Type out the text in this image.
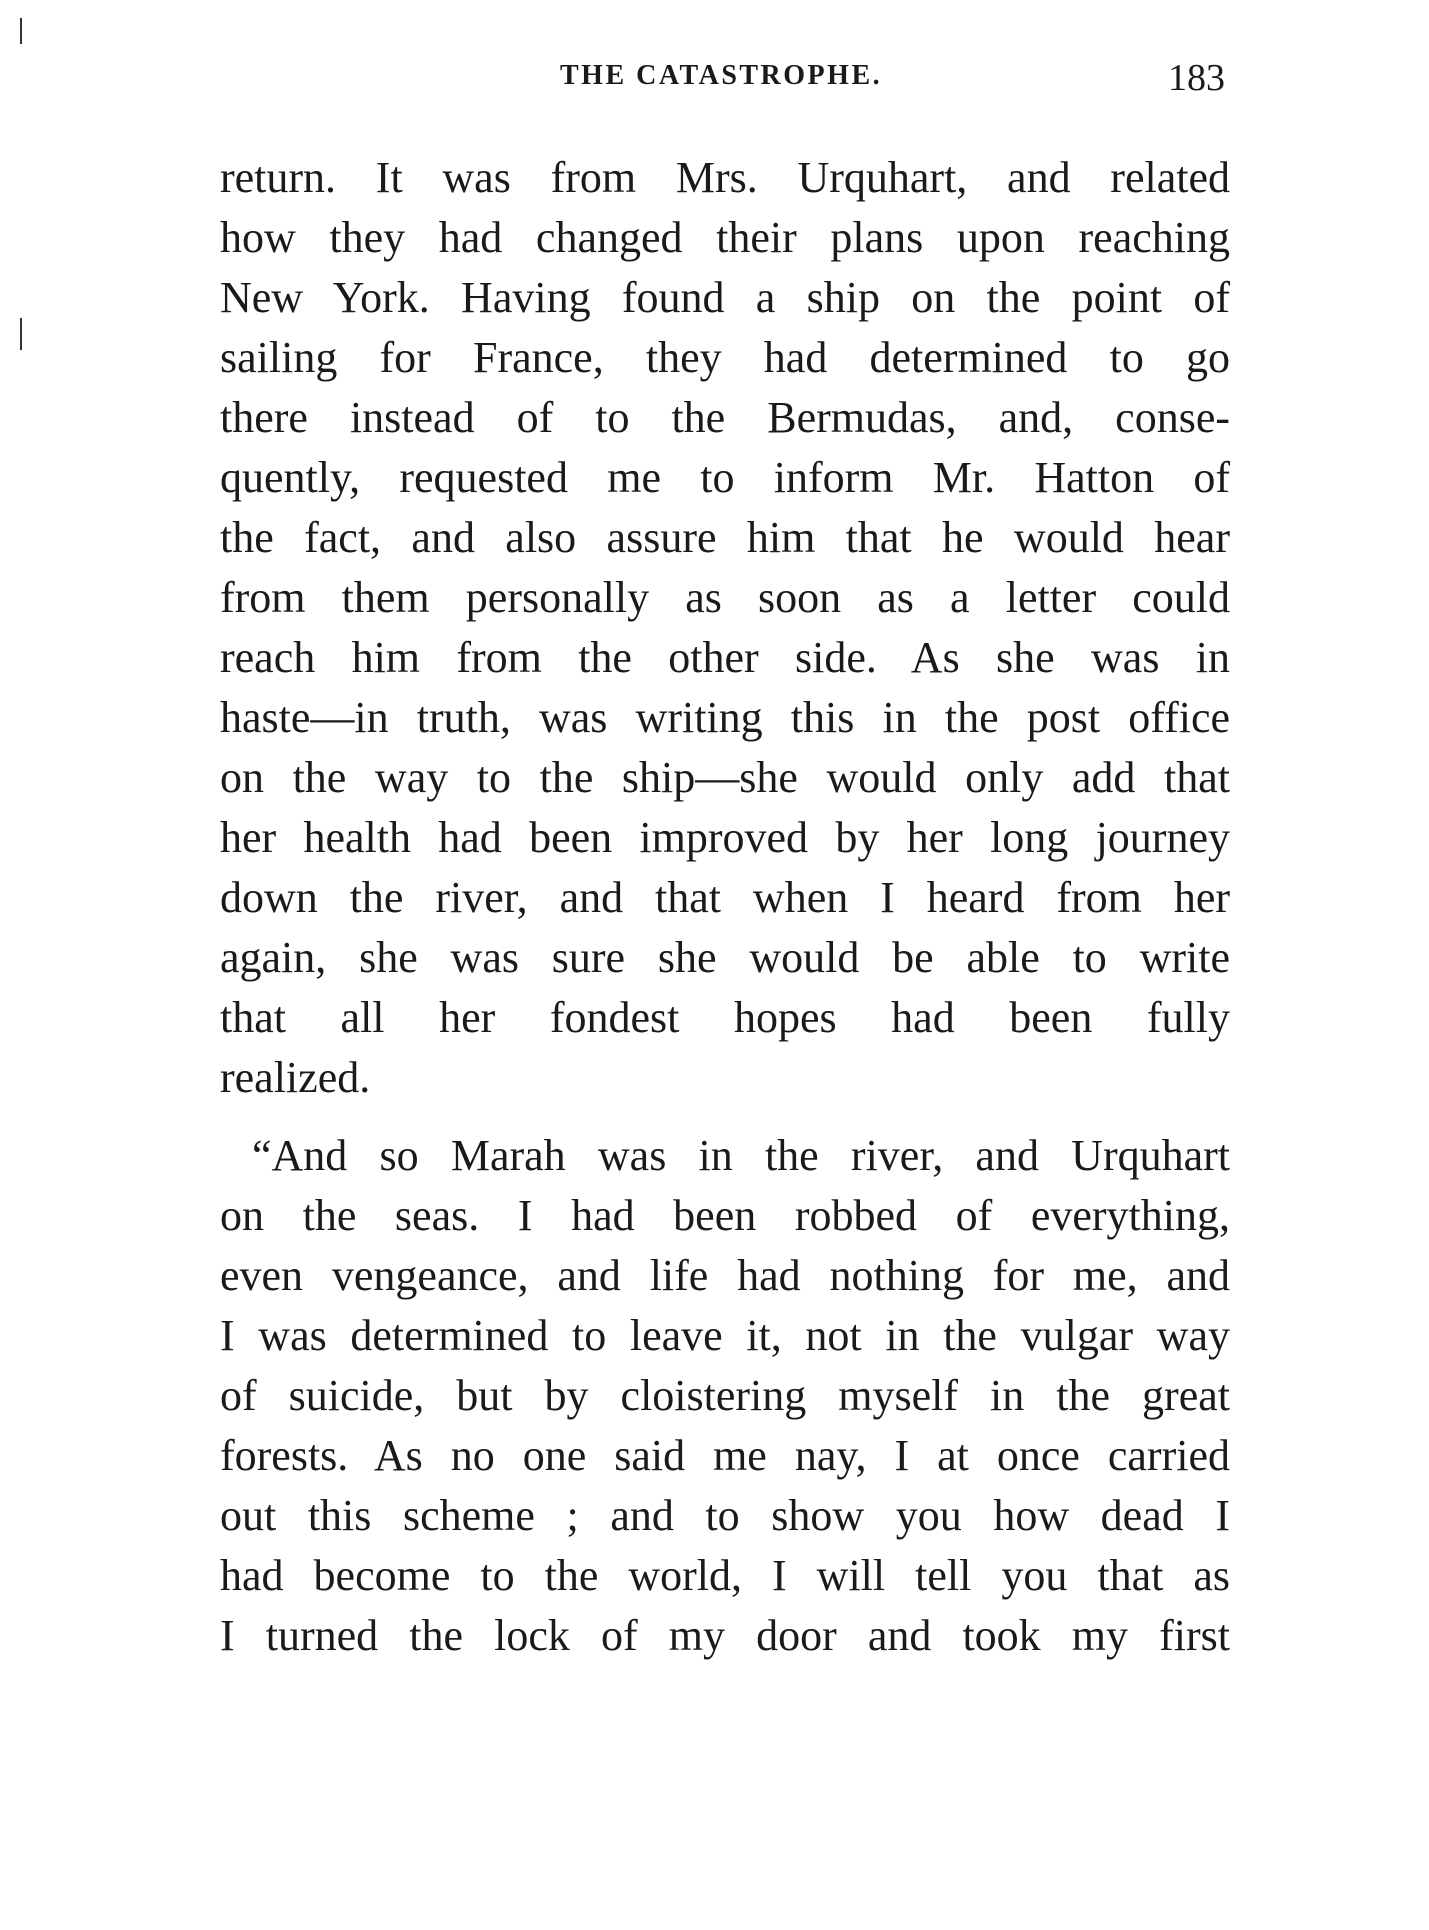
THE CATASTROPHE.	183
return. It was from Mrs. Urquhart, and related
how they had changed their plans upon reaching
New York. Having found a ship on the point of
sailing for France, they had determined to go
there instead of to the Bermudas, and, conse-
quently, requested me to inform Mr. Hatton of
the fact, and also assure him that he would hear
from them personally as soon as a letter could
reach him from the other side. As she was in
haste—in truth, was writing this in the post office
on the way to the ship—she would only add that
her health had been improved by her long journey
down the river, and that when I heard from her
again, she was sure she would be able to write
that all her fondest hopes had been fully
realized.
“And so Marah was in the river, and Urquhart
on the seas. I had been robbed of everything,
even vengeance, and life had nothing for me, and
I was determined to leave it, not in the vulgar way
of suicide, but by cloistering myself in the great
forests. As no one said me nay, I at once carried
out this scheme ; and to show you how dead I
had become to the world, I will tell you that as
I turned the lock of my door and took my first
